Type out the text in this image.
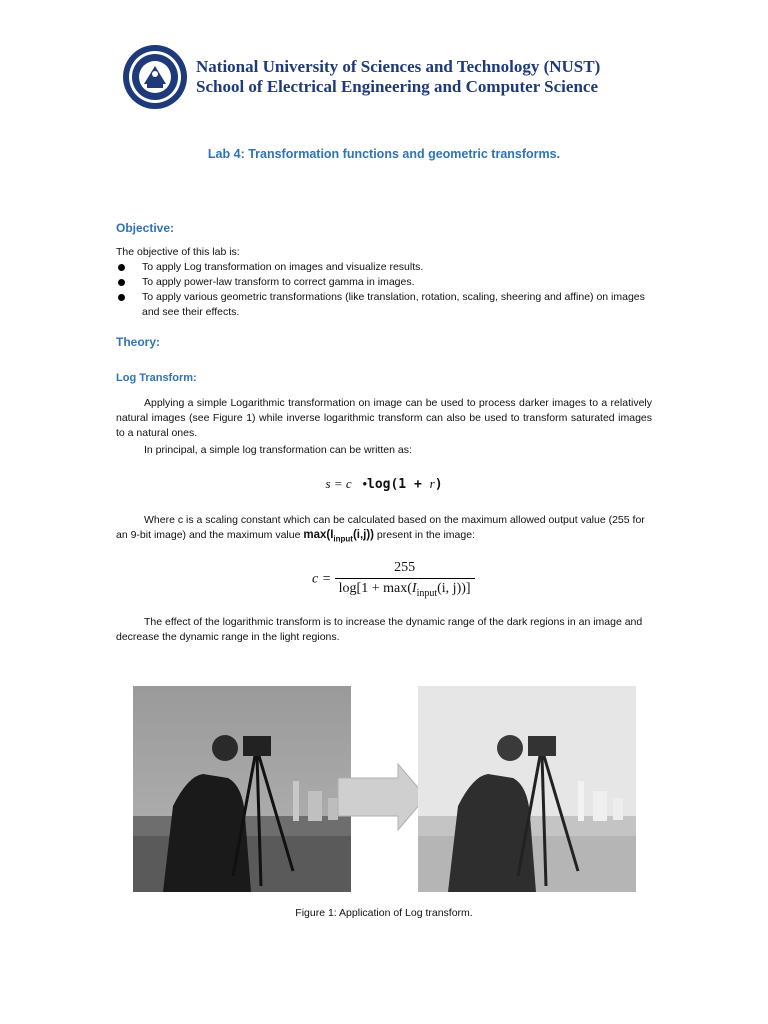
National University of Sciences and Technology (NUST)
School of Electrical Engineering and Computer Science
Lab 4: Transformation functions and geometric transforms.
Objective:
The objective of this lab is:
To apply Log transformation on images and visualize results.
To apply power-law transform to correct gamma in images.
To apply various geometric transformations (like translation, rotation, scaling, sheering and affine) on images and see their effects.
Theory:
Log Transform:
Applying a simple Logarithmic transformation on image can be used to process darker images to a relatively natural images (see Figure 1) while inverse logarithmic transform can also be used to transform saturated images to a natural ones.
In principal, a simple log transformation can be written as:
s = c •log(1 + r)
Where c is a scaling constant which can be calculated based on the maximum allowed output value (255 for an 9-bit image) and the maximum value $\max(I_{input}(i,j))$ present in the image:
$c = \frac{255}{\log[1 + \max(I_{input}(i, j))]}$
The effect of the logarithmic transform is to increase the dynamic range of the dark regions in an image and decrease the dynamic range in the light regions.
Figure 1: Application of Log transform.
